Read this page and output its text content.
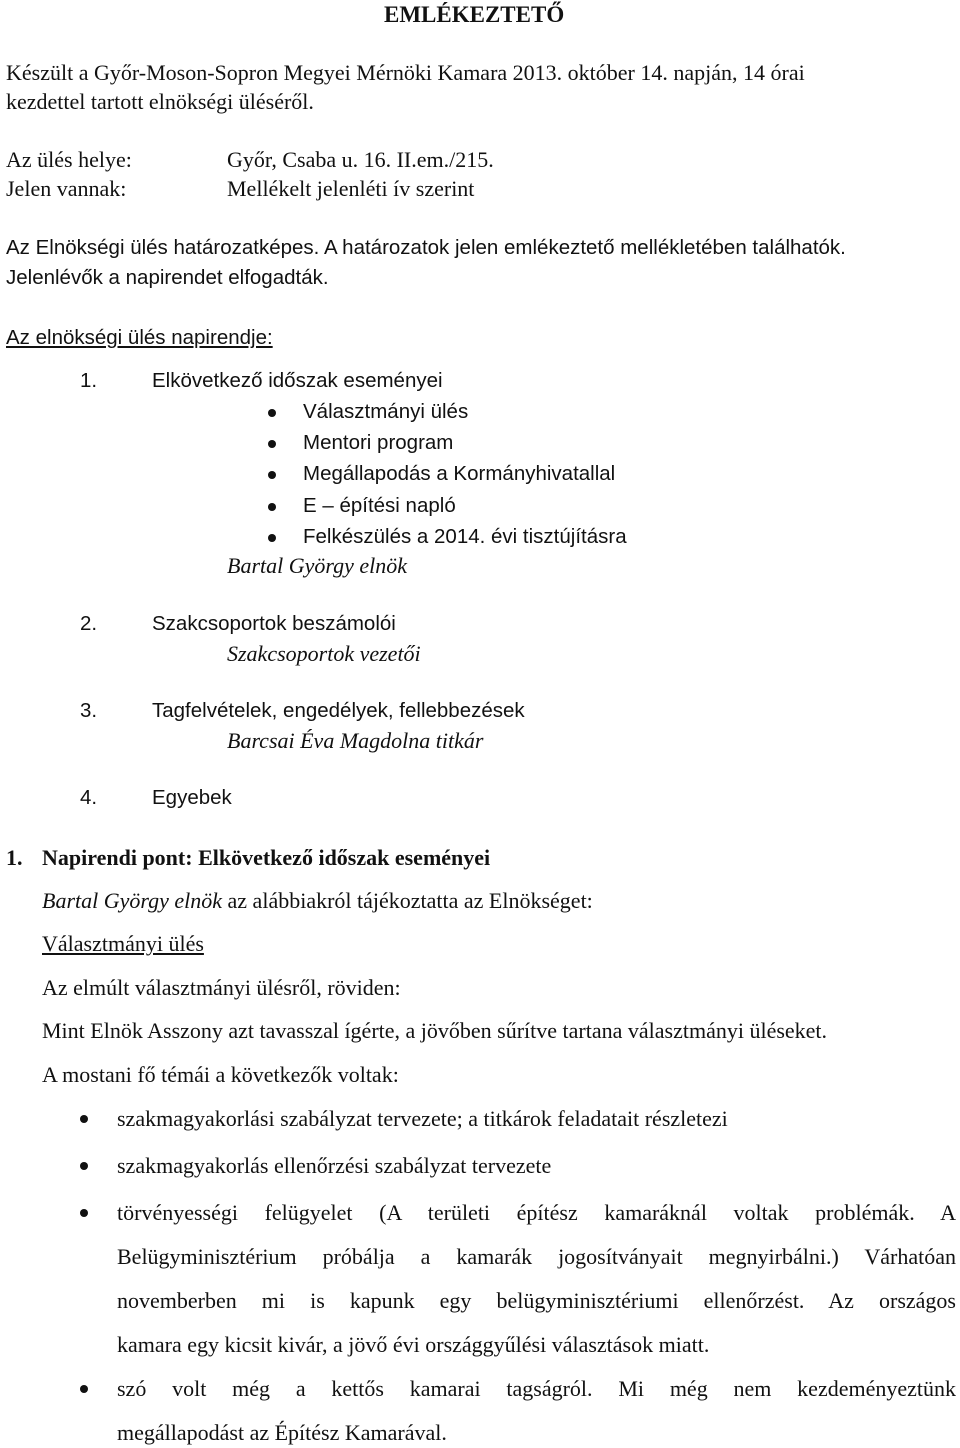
EMLÉKEZTETŐ
Készült a Győr-Moson-Sopron Megyei Mérnöki Kamara 2013. október 14. napján, 14 órai
kezdettel tartott elnökségi üléséről.
Az ülés helye:	Győr, Csaba u. 16. II.em./215.
Jelen vannak:	Mellékelt jelenléti ív szerint
Az Elnökségi ülés határozatképes. A határozatok jelen emlékeztető mellékletében találhatók.
Jelenlévők a napirendet elfogadták.
Az elnökségi ülés napirendje:
1.	Elkövetkező időszak eseményei
Választmányi ülés
Mentori program
Megállapodás a Kormányhivatallal
E – építési napló
Felkészülés a 2014. évi tisztújításra
Bartal György elnök
2.	Szakcsoportok beszámolói
Szakcsoportok vezetői
3.	Tagfelvételek, engedélyek, fellebbezések
Barcsai Éva Magdolna titkár
4.	Egyebek
1. Napirendi pont: Elkövetkező időszak eseményei
Bartal György elnök az alábbiakról tájékoztatta az Elnökséget:
Választmányi ülés
Az elmúlt választmányi ülésről, röviden:
Mint Elnök Asszony azt tavasszal ígérte, a jövőben sűrítve tartana választmányi üléseket.
A mostani fő témái a következők voltak:
szakmagyakorlási szabályzat tervezete; a titkárok feladatait részletezi
szakmagyakorlás ellenőrzési szabályzat tervezete
törvényességi felügyelet (A területi építész kamaráknál voltak problémák. A
Belügyminisztérium próbálja a kamarák jogosítványait megnyirbálni.) Várhatóan
novemberben mi is kapunk egy belügyminisztériumi ellenőrzést. Az országos
kamara egy kicsit kivár, a jövő évi országgyűlési választások miatt.
szó volt még a kettős kamarai tagságról. Mi még nem kezdeményeztünk
megállapodást az Építész Kamarával.
